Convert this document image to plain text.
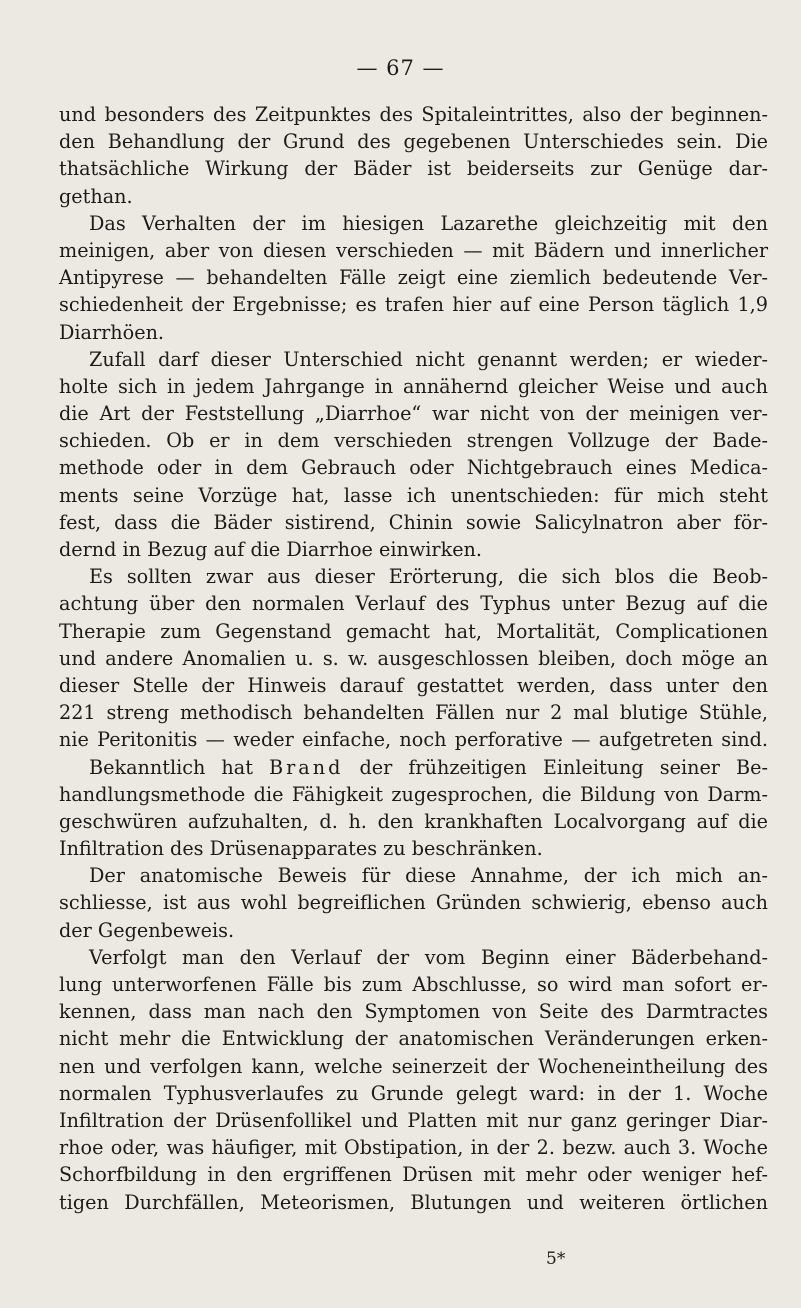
— 67 —
und besonders des Zeitpunktes des Spitaleintrittes, also der beginnen-
den Behandlung der Grund des gegebenen Unterschiedes sein. Die
thatsächliche Wirkung der Bäder ist beiderseits zur Genüge dar-
gethan.
Das Verhalten der im hiesigen Lazarethe gleichzeitig mit den
meinigen, aber von diesen verschieden — mit Bädern und innerlicher
Antipyrese — behandelten Fälle zeigt eine ziemlich bedeutende Ver-
schiedenheit der Ergebnisse; es trafen hier auf eine Person täglich 1,9
Diarrhöen.
Zufall darf dieser Unterschied nicht genannt werden; er wieder-
holte sich in jedem Jahrgange in annähernd gleicher Weise und auch
die Art der Feststellung „Diarrhoe“ war nicht von der meinigen ver-
schieden. Ob er in dem verschieden strengen Vollzuge der Bade-
methode oder in dem Gebrauch oder Nichtgebrauch eines Medica-
ments seine Vorzüge hat, lasse ich unentschieden: für mich steht
fest, dass die Bäder sistirend, Chinin sowie Salicylnatron aber för-
dernd in Bezug auf die Diarrhoe einwirken.
Es sollten zwar aus dieser Erörterung, die sich blos die Beob-
achtung über den normalen Verlauf des Typhus unter Bezug auf die
Therapie zum Gegenstand gemacht hat, Mortalität, Complicationen
und andere Anomalien u. s. w. ausgeschlossen bleiben, doch möge an
dieser Stelle der Hinweis darauf gestattet werden, dass unter den
221 streng methodisch behandelten Fällen nur 2 mal blutige Stühle,
nie Peritonitis — weder einfache, noch perforative — aufgetreten sind.
Bekanntlich hat Brand der frühzeitigen Einleitung seiner Be-
handlungsmethode die Fähigkeit zugesprochen, die Bildung von Darm-
geschwüren aufzuhalten, d. h. den krankhaften Localvorgang auf die
Infiltration des Drüsenapparates zu beschränken.
Der anatomische Beweis für diese Annahme, der ich mich an-
schliesse, ist aus wohl begreiflichen Gründen schwierig, ebenso auch
der Gegenbeweis.
Verfolgt man den Verlauf der vom Beginn einer Bäderbehand-
lung unterworfenen Fälle bis zum Abschlusse, so wird man sofort er-
kennen, dass man nach den Symptomen von Seite des Darmtractes
nicht mehr die Entwicklung der anatomischen Veränderungen erken-
nen und verfolgen kann, welche seinerzeit der Wocheneintheilung des
normalen Typhusverlaufes zu Grunde gelegt ward: in der 1. Woche
Infiltration der Drüsenfollikel und Platten mit nur ganz geringer Diar-
rhoe oder, was häufiger, mit Obstipation, in der 2. bezw. auch 3. Woche
Schorfbildung in den ergriffenen Drüsen mit mehr oder weniger hef-
tigen Durchfällen, Meteorismen, Blutungen und weiteren örtlichen
5*
